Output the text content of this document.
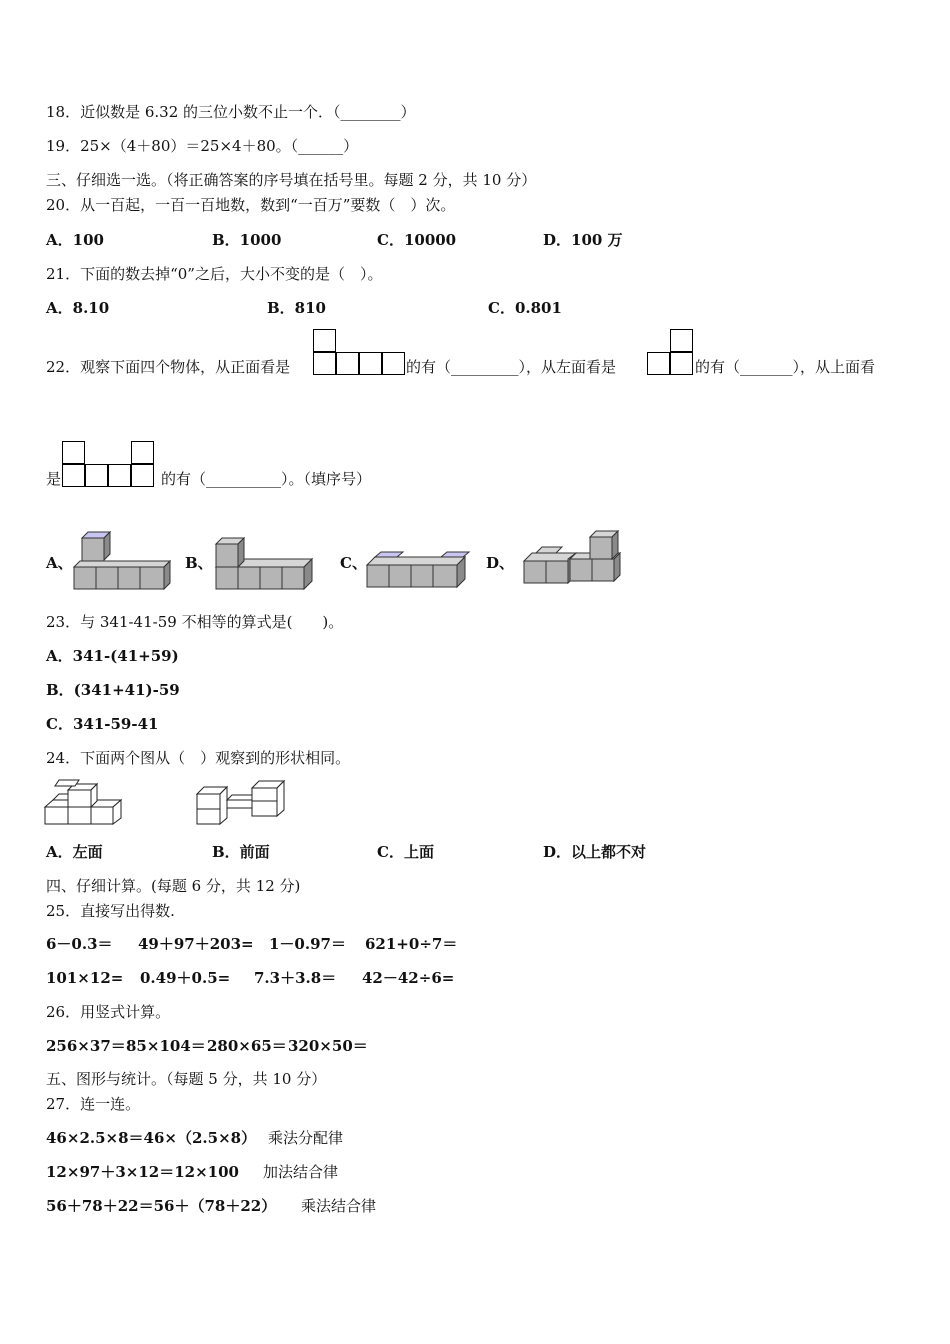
18．近似数是 6.32 的三位小数不止一个．（________）
19．25×（4＋80）＝25×4＋80。（______）
三、仔细选一选。（将正确答案的序号填在括号里。每题 2 分，共 10 分）
20．从一百起，一百一百地数，数到“一百万”要数（　）次。
A．100	B．1000	C．10000	D．100 万
21．下面的数去掉“0”之后，大小不变的是（　）。
A．8.10	B．810	C．0.801
22．观察下面四个物体，从正面看是	的有（_________），从左面看是	的有（_______），从上面看
是	的有（__________）。（填序号）
A、	B、	C、	D、
23．与 341-41-59 不相等的算式是(　　)。
A．341-(41+59)
B．(341+41)-59
C．341-59-41
24．下面两个图从（　）观察到的形状相同。
A．左面	B．前面	C．上面	D．以上都不对
四、仔细计算。(每题 6 分，共 12 分)
25．直接写出得数.
6－0.3＝ 49＋97＋203= 1－0.97＝ 621+0÷7＝
101×12= 0.49＋0.5= 7.3＋3.8＝ 42－42÷6=
26．用竖式计算。
256×37＝ 85×104＝ 280×65＝ 320×50＝
五、图形与统计。（每题 5 分，共 10 分）
27．连一连。
46×2.5×8＝46×（2.5×8） 乘法分配律
12×97＋3×12＝12×100 加法结合律
56＋78＋22＝56＋（78＋22） 乘法结合律
